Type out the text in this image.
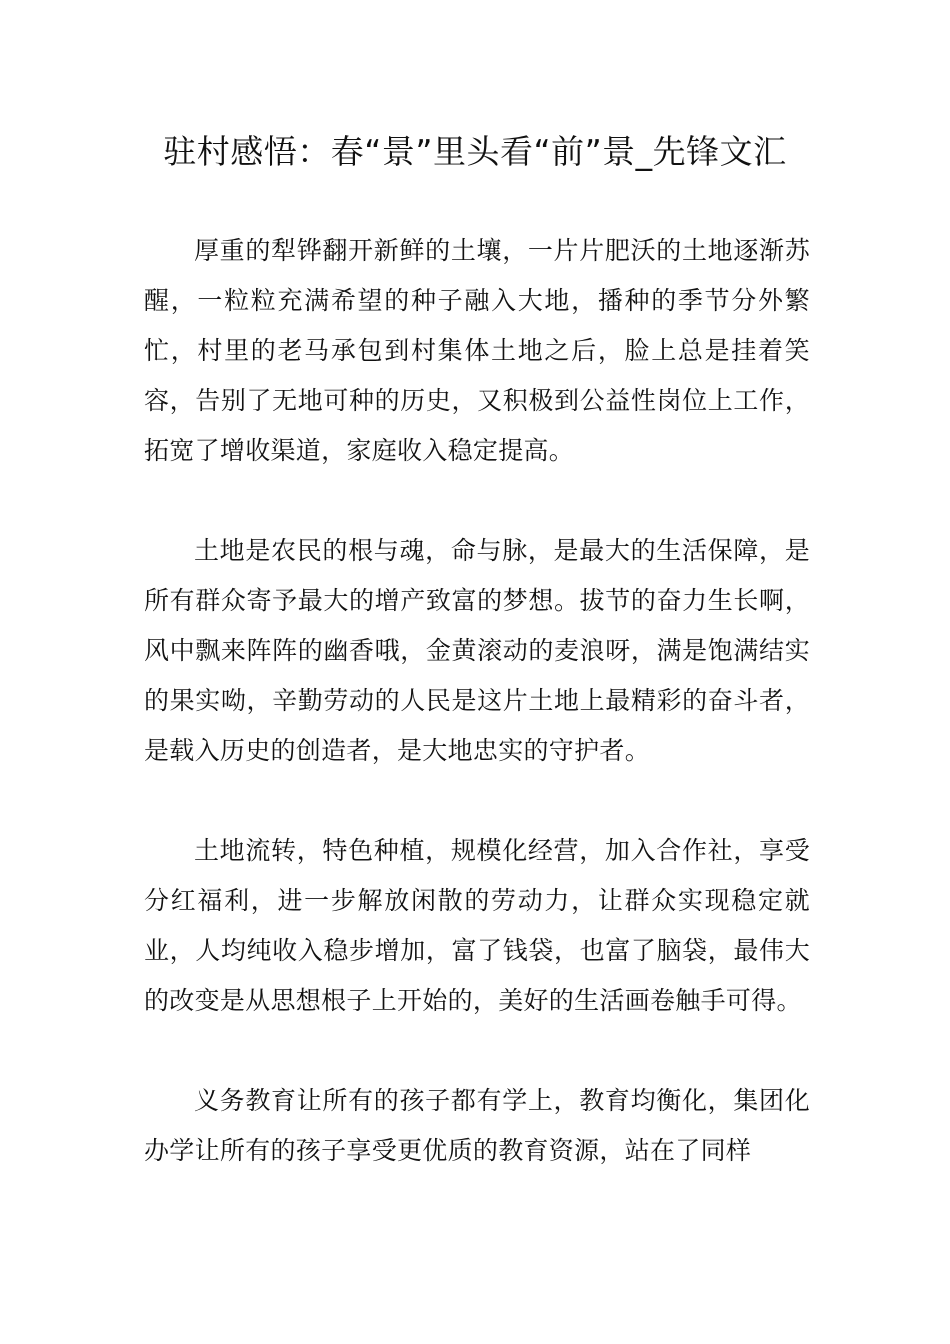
驻村感悟：春“景”里头看“前”景_先锋文汇

厚重的犁铧翻开新鲜的土壤，一片片肥沃的土地逐渐苏醒，一粒粒充满希望的种子融入大地，播种的季节分外繁忙，村里的老马承包到村集体土地之后，脸上总是挂着笑容，告别了无地可种的历史，又积极到公益性岗位上工作，拓宽了增收渠道，家庭收入稳定提高。

土地是农民的根与魂，命与脉，是最大的生活保障，是所有群众寄予最大的增产致富的梦想。拔节的奋力生长啊，风中飘来阵阵的幽香哦，金黄滚动的麦浪呀，满是饱满结实的果实呦，辛勤劳动的人民是这片土地上最精彩的奋斗者，是载入历史的创造者，是大地忠实的守护者。

土地流转，特色种植，规模化经营，加入合作社，享受分红福利，进一步解放闲散的劳动力，让群众实现稳定就业，人均纯收入稳步增加，富了钱袋，也富了脑袋，最伟大的改变是从思想根子上开始的，美好的生活画卷触手可得。

义务教育让所有的孩子都有学上，教育均衡化，集团化办学让所有的孩子享受更优质的教育资源，站在了同样
